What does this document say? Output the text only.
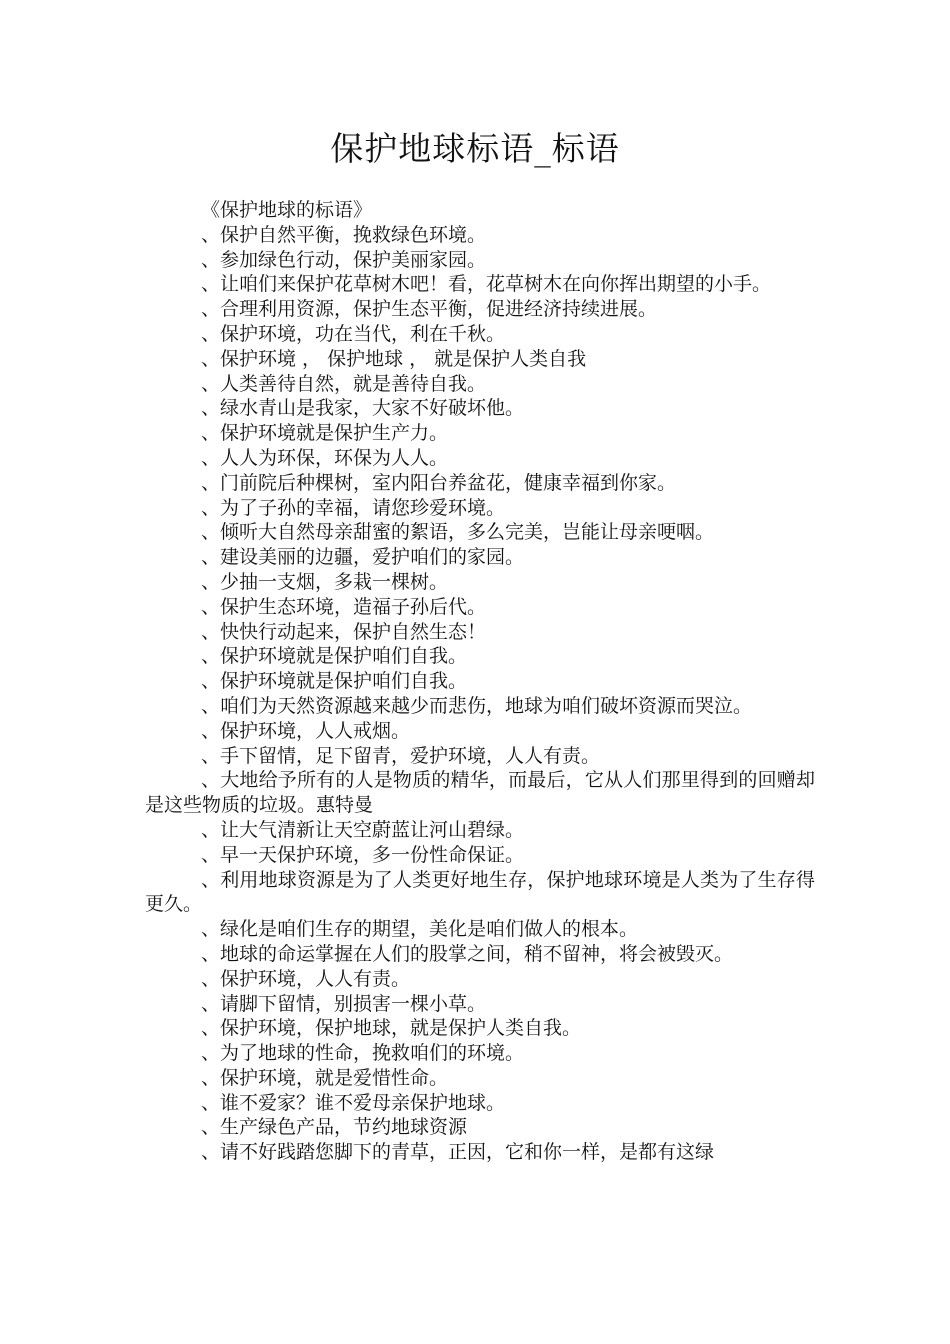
保护地球标语_标语

《保护地球的标语》

、保护自然平衡，挽救绿色环境。

、参加绿色行动，保护美丽家园。

、让咱们来保护花草树木吧！看，花草树木在向你挥出期望的小手。

、合理利用资源，保护生态平衡，促进经济持续进展。

、保护环境，功在当代，利在千秋。

、保护环境 ， 保护地球 ， 就是保护人类自我

、人类善待自然，就是善待自我。

、绿水青山是我家，大家不好破坏他。

、保护环境就是保护生产力。

、人人为环保，环保为人人。

、门前院后种棵树，室内阳台养盆花，健康幸福到你家。

、为了子孙的幸福，请您珍爱环境。

、倾听大自然母亲甜蜜的絮语，多么完美，岂能让母亲哽咽。

、建设美丽的边疆，爱护咱们的家园。

、少抽一支烟，多栽一棵树。

、保护生态环境，造福子孙后代。

、快快行动起来，保护自然生态！

、保护环境就是保护咱们自我。

、保护环境就是保护咱们自我。

、咱们为天然资源越来越少而悲伤，地球为咱们破坏资源而哭泣。

、保护环境，人人戒烟。

、手下留情，足下留青，爱护环境，人人有责。

、大地给予所有的人是物质的精华，而最后，它从人们那里得到的回赠却是这些物质的垃圾。惠特曼

、让大气清新让天空蔚蓝让河山碧绿。

、早一天保护环境，多一份性命保证。

、利用地球资源是为了人类更好地生存，保护地球环境是人类为了生存得更久。

、绿化是咱们生存的期望，美化是咱们做人的根本。

、地球的命运掌握在人们的股掌之间，稍不留神，将会被毁灭。

、保护环境，人人有责。

、请脚下留情，别损害一棵小草。

、保护环境，保护地球，就是保护人类自我。

、为了地球的性命，挽救咱们的环境。

、保护环境，就是爱惜性命。

、谁不爱家？谁不爱母亲保护地球。

、生产绿色产品，节约地球资源

、请不好践踏您脚下的青草，正因，它和你一样，是都有这绿
